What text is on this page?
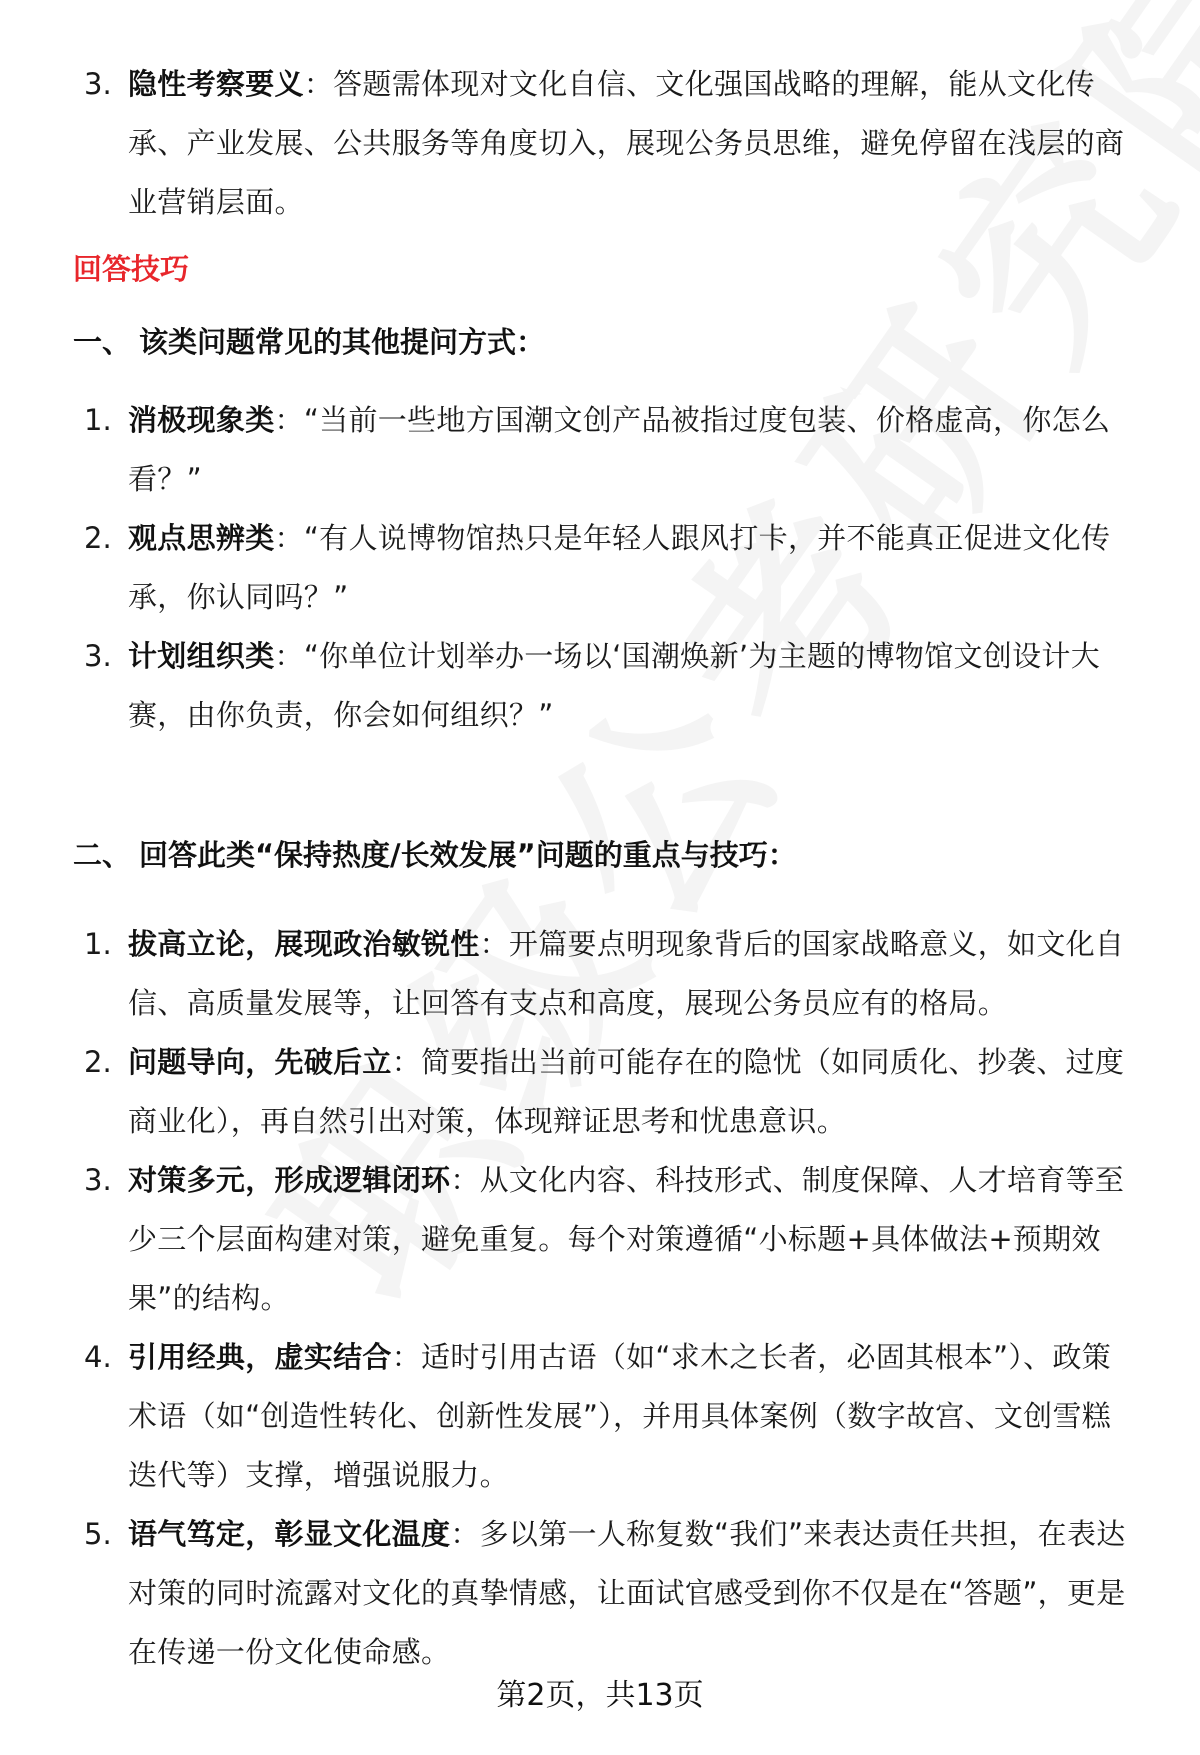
3. 隐性考察要义：答题需体现对文化自信、文化强国战略的理解，能从文化传承、产业发展、公共服务等角度切入，展现公务员思维，避免停留在浅层的商业营销层面。
回答技巧
一、 该类问题常见的其他提问方式：
1. 消极现象类：“当前一些地方国潮文创产品被指过度包装、价格虚高，你怎么看？”
2. 观点思辨类：“有人说博物馆热只是年轻人跟风打卡，并不能真正促进文化传承，你认同吗？”
3. 计划组织类：“你单位计划举办一场以‘国潮焕新’为主题的博物馆文创设计大赛，由你负责，你会如何组织？”
二、 回答此类“保持热度/长效发展”问题的重点与技巧：
1. 拔高立论，展现政治敏锐性：开篇要点明现象背后的国家战略意义，如文化自信、高质量发展等，让回答有支点和高度，展现公务员应有的格局。
2. 问题导向，先破后立：简要指出当前可能存在的隐忧（如同质化、抄袭、过度商业化），再自然引出对策，体现辩证思考和忧患意识。
3. 对策多元，形成逻辑闭环：从文化内容、科技形式、制度保障、人才培育等至少三个层面构建对策，避免重复。每个对策遵循“小标题+具体做法+预期效果”的结构。
4. 引用经典，虚实结合：适时引用古语（如“求木之长者，必固其根本”）、政策术语（如“创造性转化、创新性发展”），并用具体案例（数字故宫、文创雪糕迭代等）支撑，增强说服力。
5. 语气笃定，彰显文化温度：多以第一人称复数“我们”来表达责任共担，在表达对策的同时流露对文化的真挚情感，让面试官感受到你不仅是在“答题”，更是在传递一份文化使命感。
第2页，共13页
